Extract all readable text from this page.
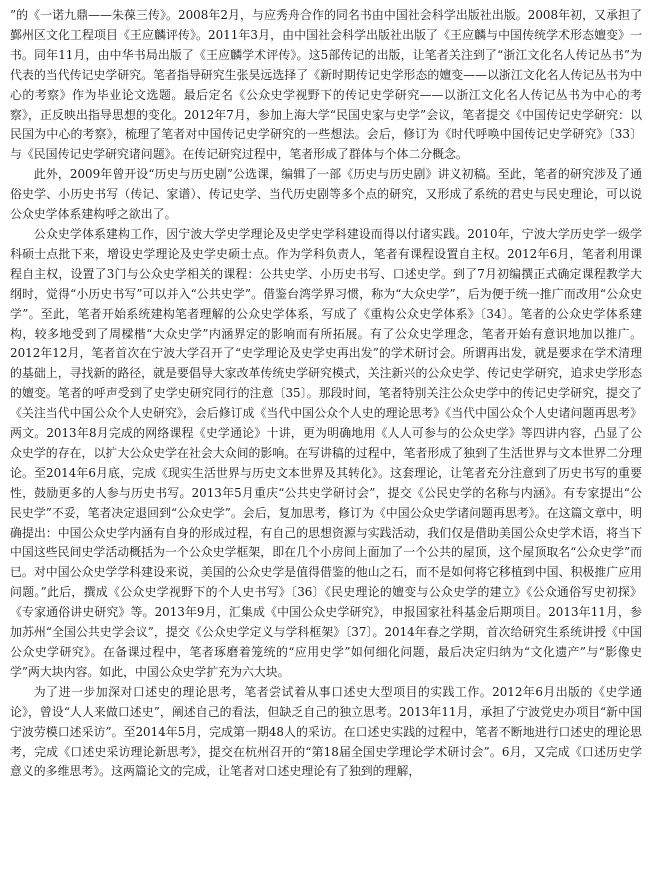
”的《一诺九鼎——朱葆三传》。2008年2月，与应秀舟合作的同名书由中国社会科学出版社出版。2008年初，又承担了鄞州区文化工程项目《王应麟评传》。2011年3月，由中国社会科学出版社出版了《王应麟与中国传统学术形态嬗变》一书。同年11月，由中华书局出版了《王应麟学术评传》。这5部传记的出版，让笔者关注到了“浙江文化名人传记丛书”为代表的当代传记史学研究。笔者指导研究生张昊远选择了《新时期传记史学形态的嬗变——以浙江文化名人传记丛书为中心的考察》作为毕业论文选题。最后定名《公众史学视野下的传记史学研究——以浙江文化名人传记丛书为中心的考察》，正反映出指导思想的变化。2012年7月，参加上海大学“民国史家与史学”会议，笔者提交《中国传记史学研究：以民国为中心的考察》，梳理了笔者对中国传记史学研究的一些想法。会后，修订为《时代呼唤中国传记史学研究》〔33〕与《民国传记史学研究诸问题》。在传记研究过程中，笔者形成了群体与个体二分概念。

此外，2009年曾开设“历史与历史剧”公选课，编辑了一部《历史与历史剧》讲义初稿。至此，笔者的研究涉及了通俗史学、小历史书写（传记、家谱）、传记史学、当代历史剧等多个点的研究，又形成了系统的君史与民史理论，可以说公众史学体系建构呼之欲出了。

公众史学体系建构工作，因宁波大学史学理论及史学史学科建设而得以付诸实践。2010年，宁波大学历史学一级学科硕士点批下来，增设史学理论及史学史硕士点。作为学科负责人，笔者有课程设置自主权。2012年6月，笔者利用课程自主权，设置了3门与公众史学相关的课程：公共史学、小历史书写、口述史学。到了7月初编撰正式确定课程教学大纲时，觉得“小历史书写”可以并入“公共史学”。借鉴台湾学界习惯，称为“大众史学”，后为便于统一推广而改用“公众史学”。至此，笔者开始系统建构笔者理解的公众史学体系，写成了《重构公众史学体系》〔34〕。笔者的公众史学体系建构，较多地受到了周樑楷“大众史学”内涵界定的影响而有所拓展。有了公众史学理念，笔者开始有意识地加以推广。2012年12月，笔者首次在宁波大学召开了“史学理论及史学史再出发”的学术研讨会。所谓再出发，就是要求在学术清理的基础上，寻找新的路径，就是要倡导大家改革传统史学研究模式，关注新兴的公众史学、传记史学研究，追求史学形态的嬗变。笔者的呼声受到了史学史研究同行的注意〔35〕。那段时间，笔者特别关注公众史学中的传记史学研究，提交了《关注当代中国公众个人史研究》，会后修订成《当代中国公众个人史的理论思考》《当代中国公众个人史诸问题再思考》两文。2013年8月完成的网络课程《史学通论》十讲，更为明确地用《人人可参与的公众史学》等四讲内容，凸显了公众史学的存在，以扩大公众史学在社会大众间的影响。在写讲稿的过程中，笔者形成了独到了生活世界与文本世界二分理论。至2014年6月底，完成《现实生活世界与历史文本世界及其转化》。这套理论，让笔者充分注意到了历史书写的重要性，鼓励更多的人参与历史书写。2013年5月重庆“公共史学研讨会”，提交《公民史学的名称与内涵》。有专家提出“公民史学”不妥，笔者决定退回到“公众史学”。会后，复加思考，修订为《中国公众史学诸问题再思考》。在这篇文章中，明确提出：中国公众史学内涵有自身的形成过程，有自己的思想资源与实践活动，我们仅是借助美国公众史学术语，将当下中国这些民间史学活动概括为一个公众史学框架，即在几个小房间上面加了一个公共的屋顶，这个屋顶取名“公众史学”而已。对中国公众史学学科建设来说，美国的公众史学是值得借鉴的他山之石，而不是如何将它移植到中国、积极推广应用问题。”此后，撰成《公众史学视野下的个人史书写》〔36〕《民史理论的嬗变与公众史学的建立》《公众通俗写史初探》《专家通俗讲史研究》等。2013年9月，汇集成《中国公众史学研究》，申报国家社科基金后期项目。2013年11月，参加苏州“全国公共史学会议”，提交《公众史学定义与学科框架》〔37〕。2014年春之学期，首次给研究生系统讲授《中国公众史学研究》。在备课过程中，笔者琢磨着笼统的“应用史学”如何细化问题，最后决定归纳为“文化遗产”与“影像史学”两大块内容。如此，中国公众史学扩充为六大块。

为了进一步加深对口述史的理论思考，笔者尝试着从事口述史大型项目的实践工作。2012年6月出版的《史学通论》，曾设“人人来做口述史”，阐述自己的看法，但缺乏自己的独立思考。2013年11月，承担了宁波党史办项目“新中国宁波劳模口述采访”。至2014年5月，完成第一期48人的采访。在口述史实践的过程中，笔者不断地进行口述史的理论思考，完成《口述史采访理论新思考》，提交在杭州召开的“第18届全国史学理论学术研讨会”。6月，又完成《口述历史学意义的多维思考》。这两篇论文的完成，让笔者对口述史理论有了独到的理解，
